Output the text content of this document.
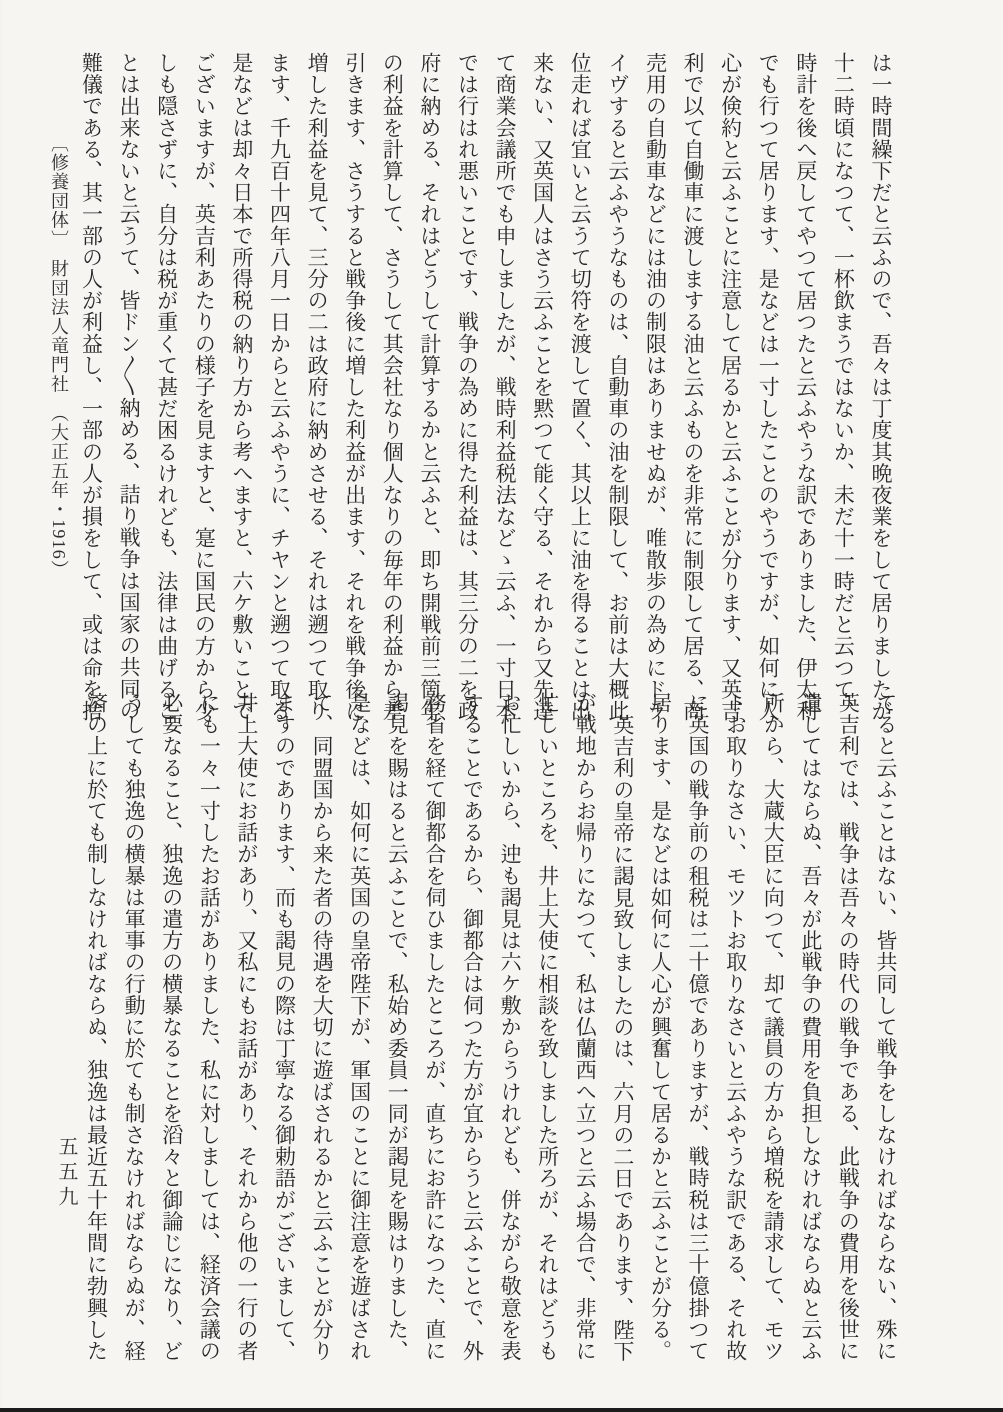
は一時間繰下だと云ふので、吾々は丁度其晩夜業をして居りましたが

十二時頃になつて、一杯飲まうではないか、未だ十一時だと云つて、

時計を後へ戻してやつて居つたと云ふやうな訳でありました、伊太利

でも行つて居ります、是などは一寸したことのやうですが、如何に人

心が倹約と云ふことに注意して居るかと云ふことが分ります、又英吉

利で以て自働車に渡しまする油と云ふものを非常に制限して居る、商

売用の自動車などには油の制限はありませぬが、唯散歩の為めにドラ

イヴすると云ふやうなものは、自動車の油を制限して、お前は大概此

位走れば宜いと云うて切符を渡して置く、其以上に油を得ることは出

来ない、又英国人はさう云ふことを黙つて能く守る、それから又先達

て商業会議所でも申しましたが、戦時利益税法などゝ云ふ、一寸日本

では行はれ悪いことです、戦争の為めに得た利益は、其三分の二を政

府に納める、それはどうして計算するかと云ふと、即ち開戦前三箇年

の利益を計算して、さうして其会社なり個人なりの毎年の利益から差

引きます、さうすると戦争後に増した利益が出ます、それを戦争後に

増した利益を見て、三分の二は政府に納めさせる、それは遡つて取り

ます、千九百十四年八月一日からと云ふやうに、チヤンと遡つて取る

是などは却々日本で所得税の納り方から考へますと、六ケ敷いことで

ございますが、英吉利あたりの様子を見ますと、寔に国民の方から少

しも隠さずに、自分は税が重くて甚だ困るけれども、法律は曲げるこ

とは出来ないと云うて、皆ドン〳〵納める、詰り戦争は国家の共同の

難儀である、其一部の人が利益し、一部の人が損をして、或は命を捨

〔修養団体〕　財団法人竜門社　（大正五年・1916）

てると云ふことはない、皆共同して戦争をしなければならない、殊に

英吉利では、戦争は吾々の時代の戦争である、此戦争の費用を後世に

遺してはならぬ、吾々が此戦争の費用を負担しなければならぬと云ふ

所から、大蔵大臣に向つて、却て議員の方から増税を請求して、モツ

トお取りなさい、モツトお取りなさいと云ふやうな訳である、それ故

に英国の戦争前の租税は二十億でありますが、戦時税は三十億掛つて

居ります、是などは如何に人心が興奮して居るかと云ふことが分る。

英吉利の皇帝に謁見致しましたのは、六月の二日であります、陛下

が戦地からお帰りになつて、私は仏蘭西へ立つと云ふ場合で、非常に

忙しいところを、井上大使に相談を致しました所ろが、それはどうも

お忙しいから、迚も謁見は六ケ敷からうけれども、併ながら敬意を表

することであるから、御都合は伺つた方が宜からうと云ふことで、外

務省を経て御都合を伺ひましたところが、直ちにお許になつた、直に

謁見を賜はると云ふことで、私始め委員一同が謁見を賜はりました、

是などは、如何に英国の皇帝陛下が、軍国のことに御注意を遊ばされ

て、同盟国から来た者の待遇を大切に遊ばされるかと云ふことが分り

ますのであります、而も謁見の際は丁寧なる御勅語がございまして、

井上大使にお話があり、又私にもお話があり、それから他の一行の者

にも一々一寸したお話がありました、私に対しましては、経済会議の

必要なること、独逸の遣方の横暴なることを滔々と御論じになり、ど

うしても独逸の横暴は軍事の行動に於ても制さなければならぬが、経

済の上に於ても制しなければならぬ、独逸は最近五十年間に勃興した

五五九
